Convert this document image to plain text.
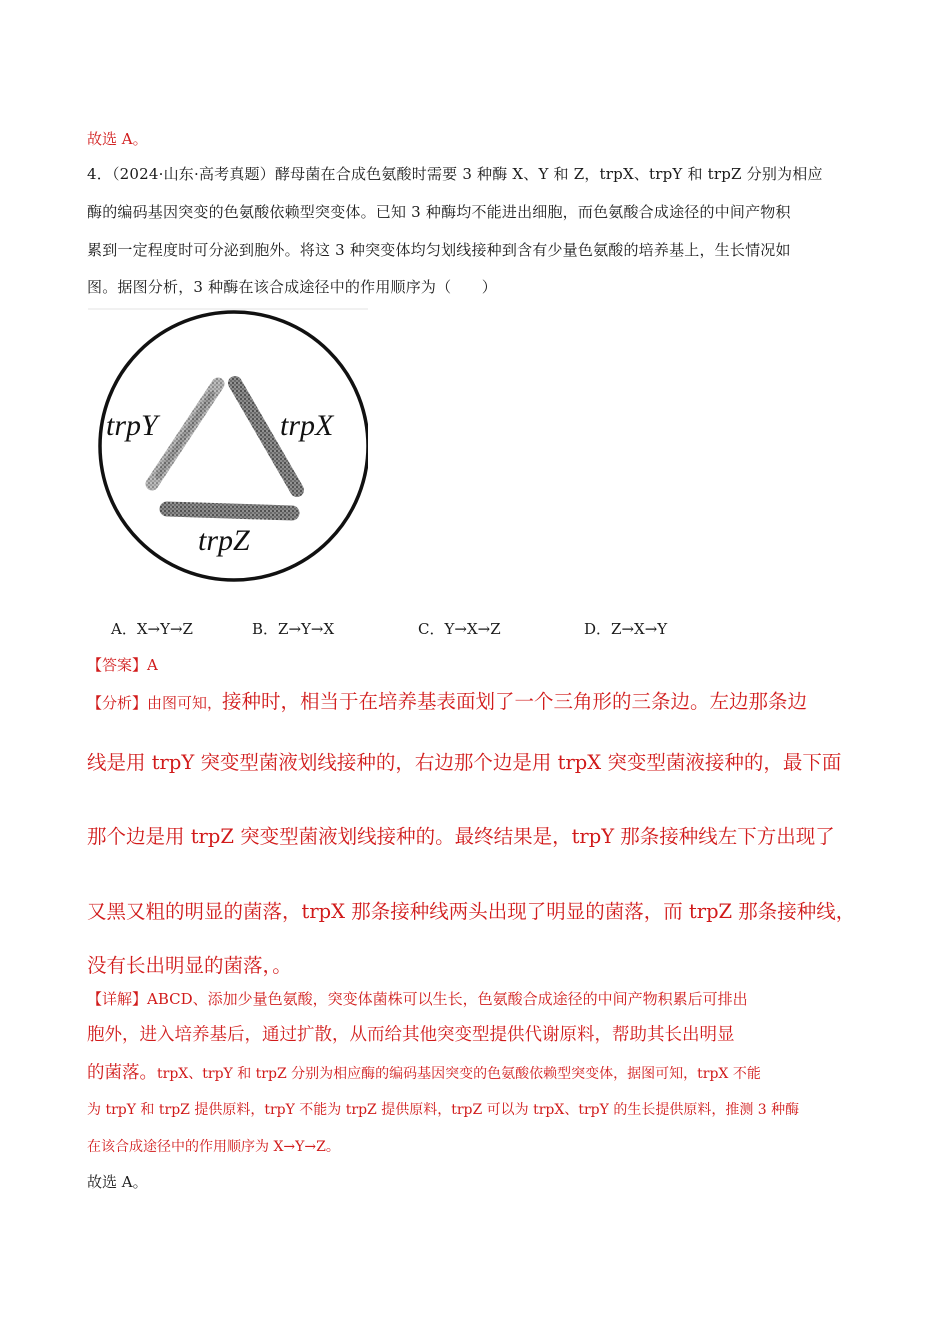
故选 A。
4．（2024·山东·高考真题）酵母菌在合成色氨酸时需要 3 种酶 X、Y 和 Z，trpX、trpY 和 trpZ 分别为相应
酶的编码基因突变的色氨酸依赖型突变体。已知 3 种酶均不能进出细胞，而色氨酸合成途径的中间产物积
累到一定程度时可分泌到胞外。将这 3 种突变体均匀划线接种到含有少量色氨酸的培养基上，生长情况如
图。据图分析，3 种酶在该合成途径中的作用顺序为（　　）
trpY	trpX
trpZ
A．X→Y→Z	B．Z→Y→X	C．Y→X→Z	D．Z→X→Y
【答案】A
【分析】由图可知，接种时，相当于在培养基表面划了一个三角形的三条边。左边那条边
线是用 trpY 突变型菌液划线接种的，右边那个边是用 trpX 突变型菌液接种的，最下面
那个边是用 trpZ 突变型菌液划线接种的。最终结果是，trpY 那条接种线左下方出现了
又黑又粗的明显的菌落，trpX 那条接种线两头出现了明显的菌落，而 trpZ 那条接种线，
没有长出明显的菌落，。
【详解】ABCD、添加少量色氨酸，突变体菌株可以生长，色氨酸合成途径的中间产物积累后可排出
胞外，进入培养基后，通过扩散，从而给其他突变型提供代谢原料，帮助其长出明显
的菌落。trpX、trpY 和 trpZ 分别为相应酶的编码基因突变的色氨酸依赖型突变体，据图可知，trpX 不能
为 trpY 和 trpZ 提供原料，trpY 不能为 trpZ 提供原料，trpZ 可以为 trpX、trpY 的生长提供原料，推测 3 种酶
在该合成途径中的作用顺序为 X→Y→Z。
故选 A。
